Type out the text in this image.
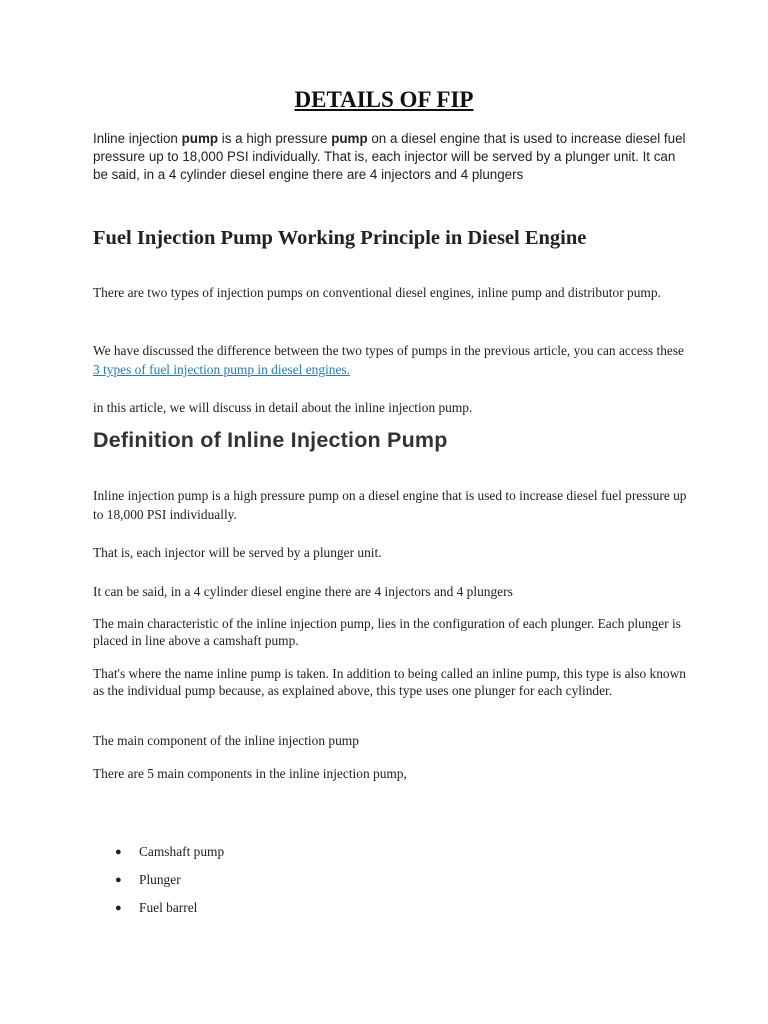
DETAILS OF FIP

Inline injection pump is a high pressure pump on a diesel engine that is used to increase diesel fuel pressure up to 18,000 PSI individually. That is, each injector will be served by a plunger unit. It can be said, in a 4 cylinder diesel engine there are 4 injectors and 4 plungers

Fuel Injection Pump Working Principle in Diesel Engine

There are two types of injection pumps on conventional diesel engines, inline pump and distributor pump.

We have discussed the difference between the two types of pumps in the previous article, you can access these 3 types of fuel injection pump in diesel engines.

in this article, we will discuss in detail about the inline injection pump.

Definition of Inline Injection Pump

Inline injection pump is a high pressure pump on a diesel engine that is used to increase diesel fuel pressure up to 18,000 PSI individually.

That is, each injector will be served by a plunger unit.

It can be said, in a 4 cylinder diesel engine there are 4 injectors and 4 plungers

The main characteristic of the inline injection pump, lies in the configuration of each plunger. Each plunger is placed in line above a camshaft pump.

That's where the name inline pump is taken. In addition to being called an inline pump, this type is also known as the individual pump because, as explained above, this type uses one plunger for each cylinder.

The main component of the inline injection pump

There are 5 main components in the inline injection pump,

● Camshaft pump
● Plunger
● Fuel barrel
